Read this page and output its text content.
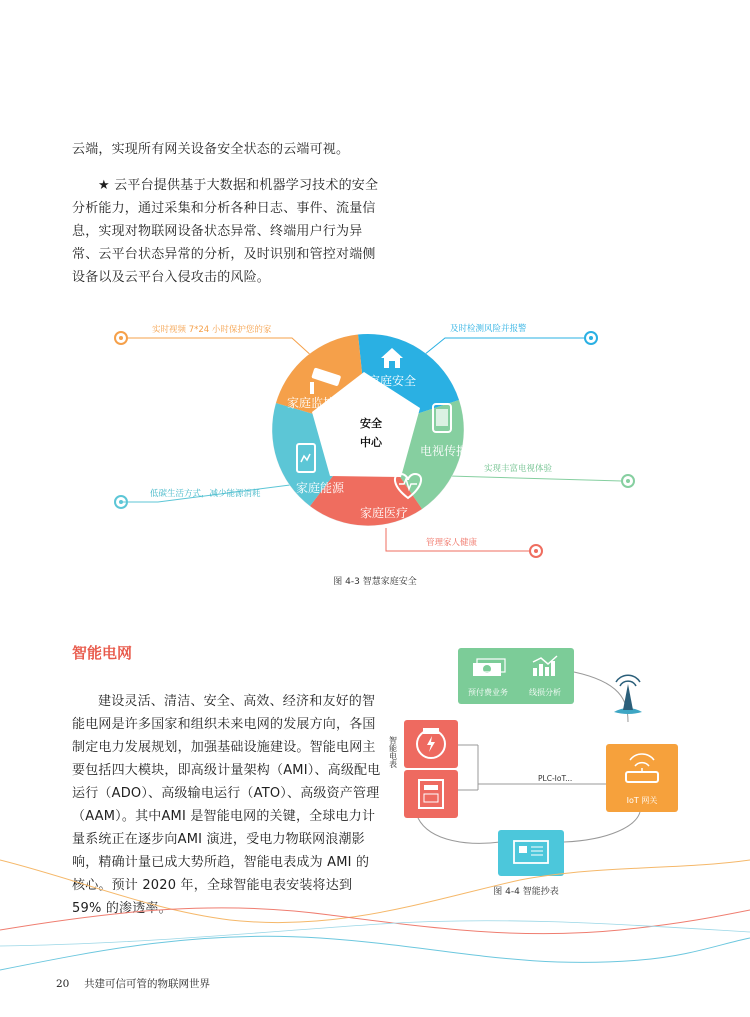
云端，实现所有网关设备安全状态的云端可视。

★ 云平台提供基于大数据和机器学习技术的安全分析能力，通过采集和分析各种日志、事件、流量信息，实现对物联网设备状态异常、终端用户行为异常、云平台状态异常的分析，及时识别和管控对端侧设备以及云平台入侵攻击的风险。

家庭安全
电视传播
家庭医疗
家庭能源
家庭监控
安全
中心
实时视频 7*24 小时保护您的家	及时检测风险并报警
实现丰富电视体验
管理家人健康
低碳生活方式，减少能源消耗
图 4-3 智慧家庭安全
智能电网

建设灵活、清洁、安全、高效、经济和友好的智能电网是许多国家和组织未来电网的发展方向，各国制定电力发展规划，加强基础设施建设。智能电网主要包括四大模块，即高级计量架构（AMI）、高级配电运行（ADO）、高级输电运行（ATO）、高级资产管理（AAM）。其中AMI 是智能电网的关键，全球电力计量系统正在逐步向AMI 演进，受电力物联网浪潮影响，精确计量已成大势所趋，智能电表成为 AMI 的核心。预计 2020 年，全球智能电表安装将达到 59% 的渗透率。

预付费业务	线损分析
智能电表
PLC-IoT...
IoT 网关
图 4-4 智能抄表
20 共建可信可管的物联网世界
